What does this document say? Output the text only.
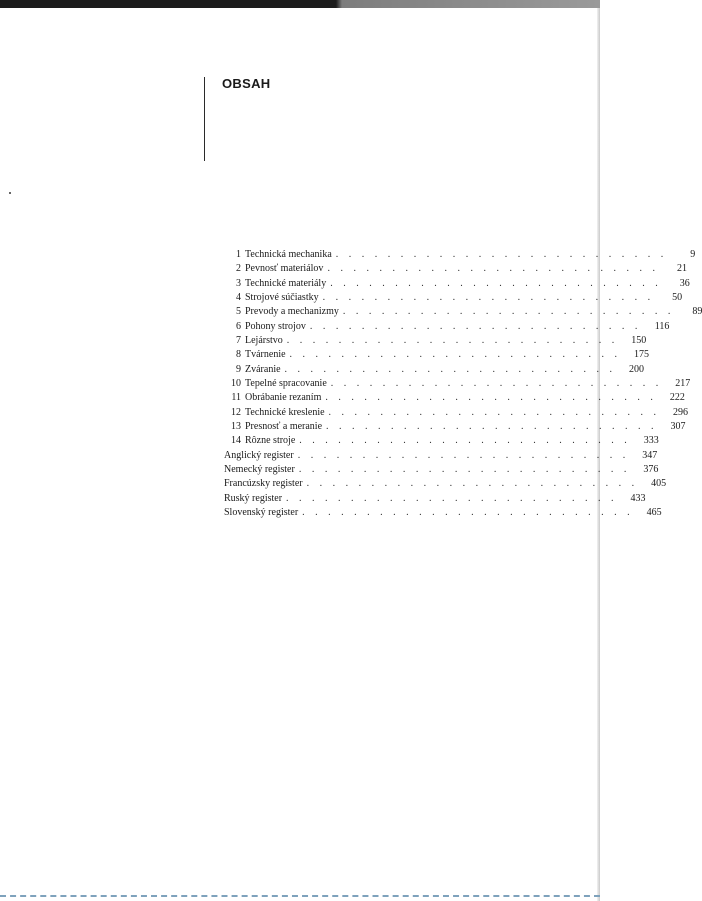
OBSAH
1 Technická mechanika . . . . . . . . . . . . . . . . . . . . . . . . . .	9
2 Pevnosť materiálov . . . . . . . . . . . . . . . . . . . . . . . . . .	21
3 Technické materiály . . . . . . . . . . . . . . . . . . . . . . . . . .	36
4 Strojové súčiastky . . . . . . . . . . . . . . . . . . . . . . . . . .	50
5 Prevody a mechanizmy . . . . . . . . . . . . . . . . . . . . . . . . . .	89
6 Pohony strojov . . . . . . . . . . . . . . . . . . . . . . . . . .	116
7 Lejárstvo . . . . . . . . . . . . . . . . . . . . . . . . . .	150
8 Tvárnenie . . . . . . . . . . . . . . . . . . . . . . . . . .	175
9 Zváranie . . . . . . . . . . . . . . . . . . . . . . . . . .	200
10 Tepelné spracovanie . . . . . . . . . . . . . . . . . . . . . . . . . .	217
11 Obrábanie rezaním . . . . . . . . . . . . . . . . . . . . . . . . . .	222
12 Technické kreslenie . . . . . . . . . . . . . . . . . . . . . . . . . .	296
13 Presnosť a meranie . . . . . . . . . . . . . . . . . . . . . . . . . .	307
14 Rôzne stroje . . . . . . . . . . . . . . . . . . . . . . . . . .	333
Anglický register . . . . . . . . . . . . . . . . . . . . . . . . . .	347
Nemecký register . . . . . . . . . . . . . . . . . . . . . . . . . .	376
Francúzsky register . . . . . . . . . . . . . . . . . . . . . . . . . .	405
Ruský register . . . . . . . . . . . . . . . . . . . . . . . . . .	433
Slovenský register . . . . . . . . . . . . . . . . . . . . . . . . . .	465
